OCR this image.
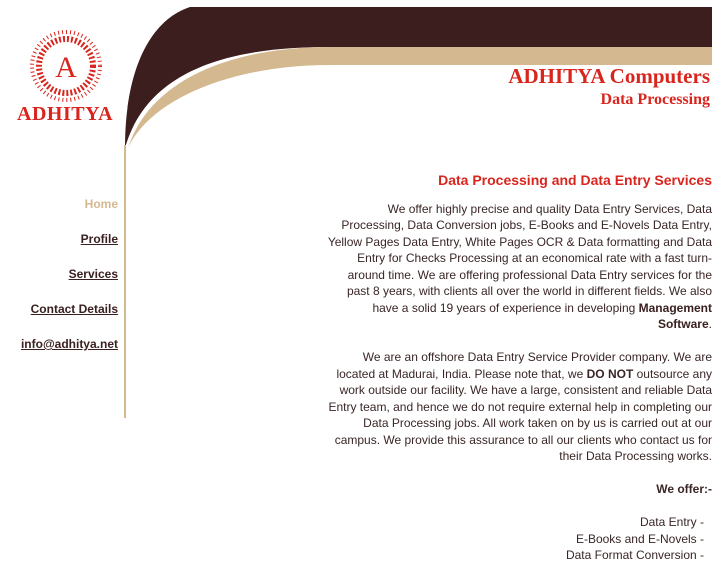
A
ADHITYA
ADHITYA Computers
Data Processing
Home
Profile
Services
Contact Details
info@adhitya.net
Data Processing and Data Entry Services

We offer highly precise and quality Data Entry Services, Data Processing, Data Conversion jobs, E-Books and E-Novels Data Entry, Yellow Pages Data Entry, White Pages OCR & Data formatting and Data Entry for Checks Processing at an economical rate with a fast turn-around time. We are offering professional Data Entry services for the past 8 years, with clients all over the world in different fields. We also have a solid 19 years of experience in developing Management Software.

We are an offshore Data Entry Service Provider company. We are located at Madurai, India. Please note that, we DO NOT outsource any work outside our facility. We have a large, consistent and reliable Data Entry team, and hence we do not require external help in completing our Data Processing jobs. All work taken on by us is carried out at our campus. We provide this assurance to all our clients who contact us for their Data Processing works.

We offer:-

Data Entry -
E-Books and E-Novels -
Data Format Conversion -
